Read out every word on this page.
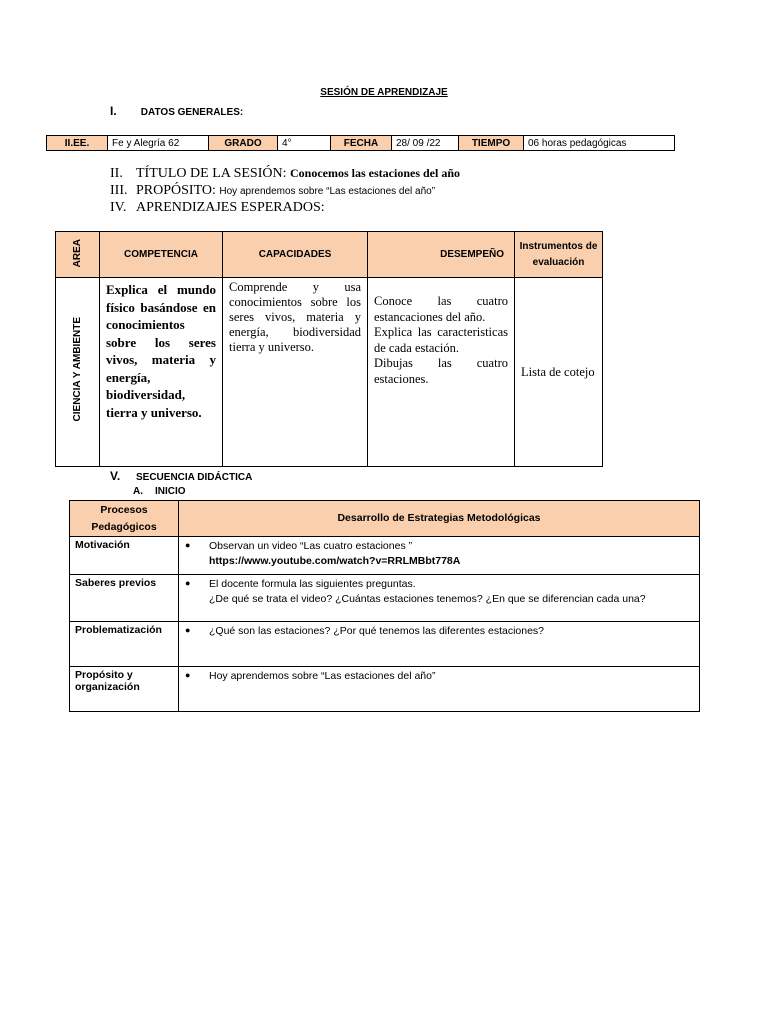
SESIÓN DE APRENDIZAJE
I. DATOS GENERALES:
II.EE.	Fe y Alegría 62	GRADO	4°	FECHA	28/ 09 /22	TIEMPO	06 horas pedagógicas
II. TÍTULO DE LA SESIÓN: Conocemos las estaciones del año
III. PROPÓSITO: Hoy aprendemos sobre “Las estaciones del año”
IV. APRENDIZAJES ESPERADOS:
AREA	COMPETENCIA	CAPACIDADES	DESEMPEÑO	Instrumentos de evaluación
CIENCIA Y AMBIENTE	Explica el mundo físico basándose en conocimientos sobre los seres vivos, materia y energía, biodiversidad, tierra y universo.	Comprende y usa conocimientos sobre los seres vivos, materia y energía, biodiversidad tierra y universo.	Conoce las cuatro estancaciones del año.
Explica las caracteristicas de cada estación.
Dibujas las cuatro estaciones.	Lista de cotejo
V. SECUENCIA DIDÁCTICA
A. INICIO
Procesos Pedagógicos	Desarrollo de Estrategias Metodológicas
Motivación	● Observan un video “Las cuatro estaciones ”
https://www.youtube.com/watch?v=RRLMBbt778A

Saberes previos	● El docente formula las siguientes preguntas.
¿De qué se trata el video? ¿Cuántas estaciones tenemos? ¿En que se diferencian cada una?

Problematización	● ¿Qué son las estaciones? ¿Por qué tenemos las diferentes estaciones?

Propósito y organización	● Hoy aprendemos sobre “Las estaciones del año”
